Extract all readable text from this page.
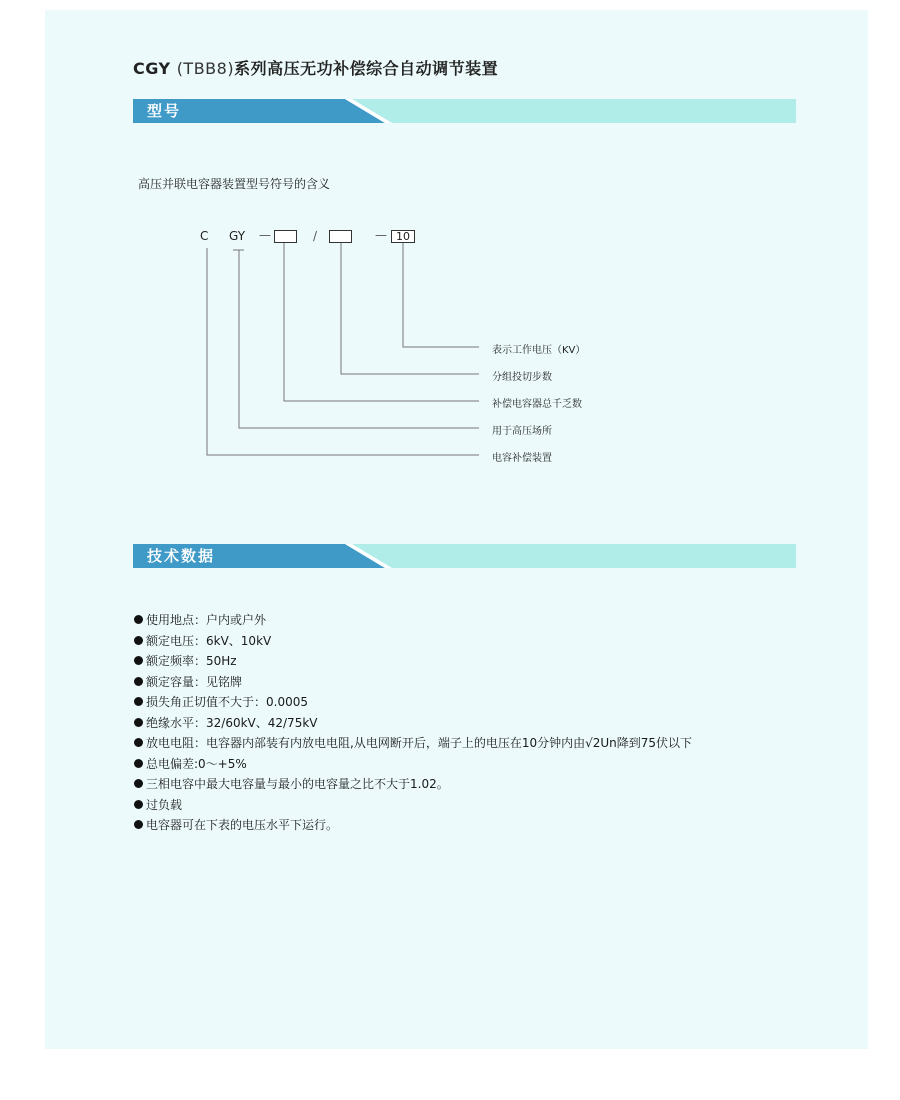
CGY (TBB8)系列高压无功补偿综合自动调节装置
型号
高压并联电容器装置型号符号的含义
C GY —	/	— 10
表示工作电压（KV）
分组投切步数
补偿电容器总千乏数
用于高压场所
电容补偿装置
技术数据
使用地点：户内或户外
额定电压：6kV、10kV
额定频率：50Hz
额定容量：见铭牌
损失角正切值不大于：0.0005
绝缘水平：32/60kV、42/75kV
放电电阻：电容器内部装有内放电电阻,从电网断开后，端子上的电压在10分钟内由√2Un降到75伏以下
总电偏差:0～+5%
三相电容中最大电容量与最小的电容量之比不大于1.02。
过负载
电容器可在下表的电压水平下运行。
